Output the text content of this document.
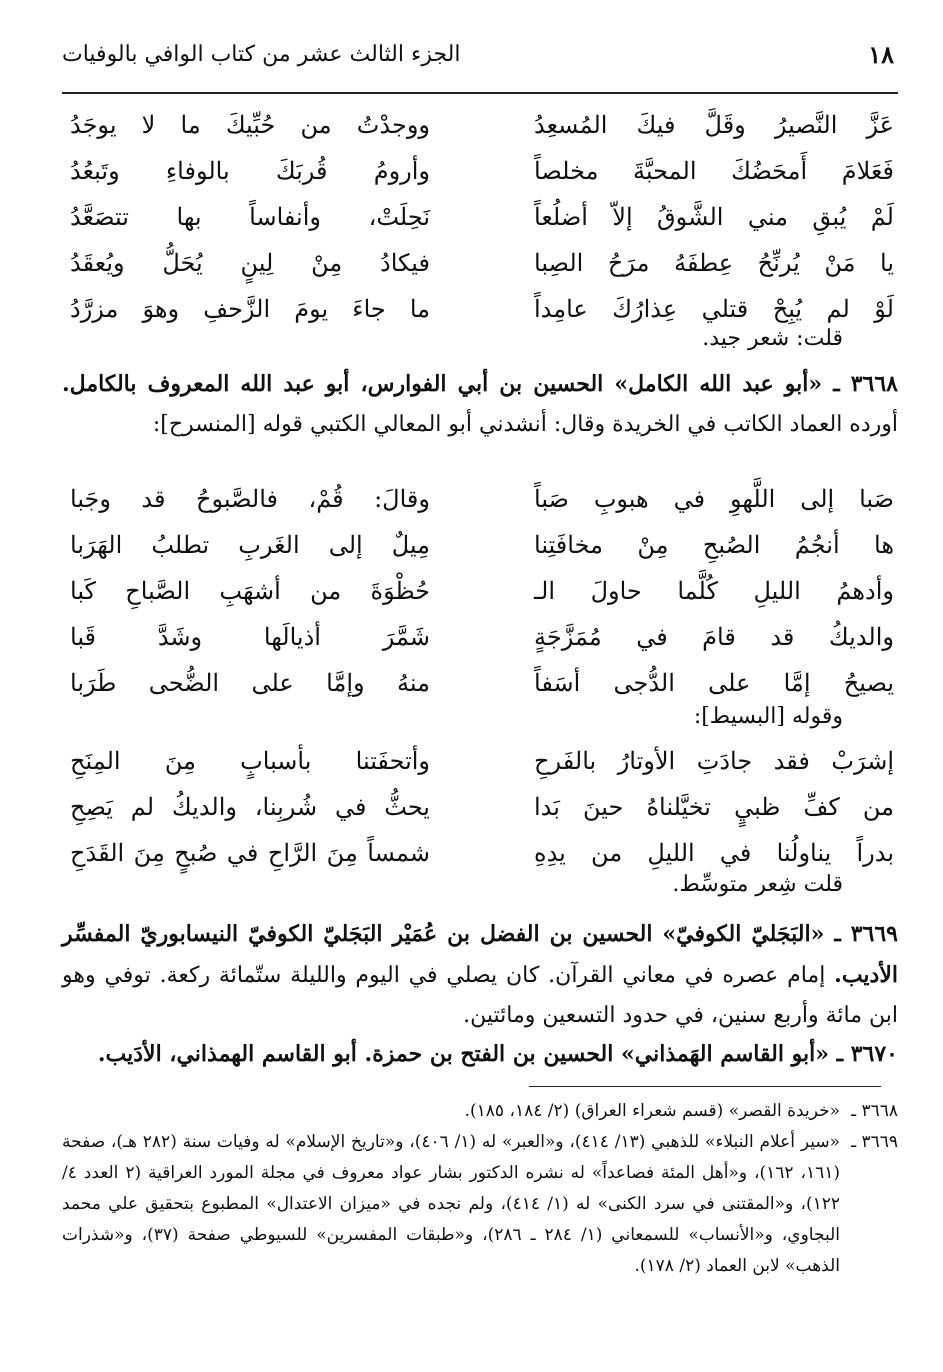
١٨
الجزء الثالث عشر من كتاب الوافي بالوفيات
عَزَّ النَّصيرُ وقَلَّ فيكَ المُسعِدُ
ووجدْتُ من حُبِّيكَ ما لا يوجَدُ
فَعَلامَ أَمحَضُكَ المحبَّةَ مخلصاً
وأرومُ قُربَكَ بالوفاءِ وتَبعُدُ
لَمْ يُبقِ مني الشَّوقُ إلاّ أضلُعاً
نَحِلَتْ، وأنفاساً بها تتصَعَّدُ
يا مَنْ يُرنِّحُ عِطفَهُ مرَحُ الصِبا
فيكادُ مِنْ لِينٍ يُحَلُّ ويُعقَدُ
لَوْ لم يُبِحْ قتلي عِذارُكَ عامِداً
ما جاءَ يومَ الزَّحفِ وهوَ مزرَّدُ
قلت: شعر جيد.
٣٦٦٨ ـ «أبو عبد الله الكامل» الحسين بن أبي الفوارس، أبو عبد الله المعروف بالكامل. أورده العماد الكاتب في الخريدة وقال: أنشدني أبو المعالي الكتبي قوله [المنسرح]:
صَبا إلى اللَّهوِ في هبوبِ صَباً
وقالَ: قُمْ، فالصَّبوحُ قد وجَبا
ها أنجُمُ الصُبحِ مِنْ مخافَتِنا
مِيلٌ إلى الغَربِ تطلبُ الهَرَبا
وأدهمُ الليلِ كُلَّما حاولَ الـ
حُظْوَةَ من أشهَبِ الصَّباحِ كَبا
والديكُ قد قامَ في مُمَزَّجَةٍ
شَمَّرَ أذيالَها وشَدَّ قَبا
يصيحُ إمَّا على الدُّجى أسَفاً
منهُ وإمَّا على الضُّحى طَرَبا
وقوله [البسيط]:
إشرَبْ فقد جادَتِ الأوتارُ بالفَرحِ
وأتحفَتنا بأسبابٍ مِنَ المِنَحِ
من كفِّ ظبيٍ تخيَّلناهُ حينَ بَدا
يحثُّ في شُربِنا، والديكُ لم يَصِحِ
بدراً يناولُنا في الليلِ من يدِهِ
شمساً مِنَ الرَّاحِ في صُبحٍ مِنَ القَدَحِ
قلت شِعر متوسِّط.
٣٦٦٩ ـ «البَجَليّ الكوفيّ» الحسين بن الفضل بن عُمَيْر البَجَليّ الكوفيّ النيسابوريّ المفسِّر الأديب. إمام عصره في معاني القرآن. كان يصلي في اليوم والليلة ستّمائة ركعة. توفي وهو ابن مائة وأربع سنين، في حدود التسعين ومائتين.
٣٦٧٠ ـ «أبو القاسم الهَمذاني» الحسين بن الفتح بن حمزة. أبو القاسم الهمذاني، الأدَيب.
٣٦٦٨ ـ
«خريدة القصر» (قسم شعراء العراق) (٢/ ١٨٤، ١٨٥).
٣٦٦٩ ـ
«سير أعلام النبلاء» للذهبي (١٣/ ٤١٤)، و«العبر» له (١/ ٤٠٦)، و«تاريخ الإسلام» له وفيات سنة (٢٨٢ هـ)، صفحة (١٦١، ١٦٢)، و«أهل المئة فصاعداً» له نشره الدكتور بشار عواد معروف في مجلة المورد العراقية (٢ العدد ٤/ ١٢٢)، و«المقتنى في سرد الكنى» له (١/ ٤١٤)، ولم نجده في «ميزان الاعتدال» المطبوع بتحقيق علي محمد البجاوي، و«الأنساب» للسمعاني (١/ ٢٨٤ ـ ٢٨٦)، و«طبقات المفسرين» للسيوطي صفحة (٣٧)، و«شذرات الذهب» لابن العماد (٢/ ١٧٨).
